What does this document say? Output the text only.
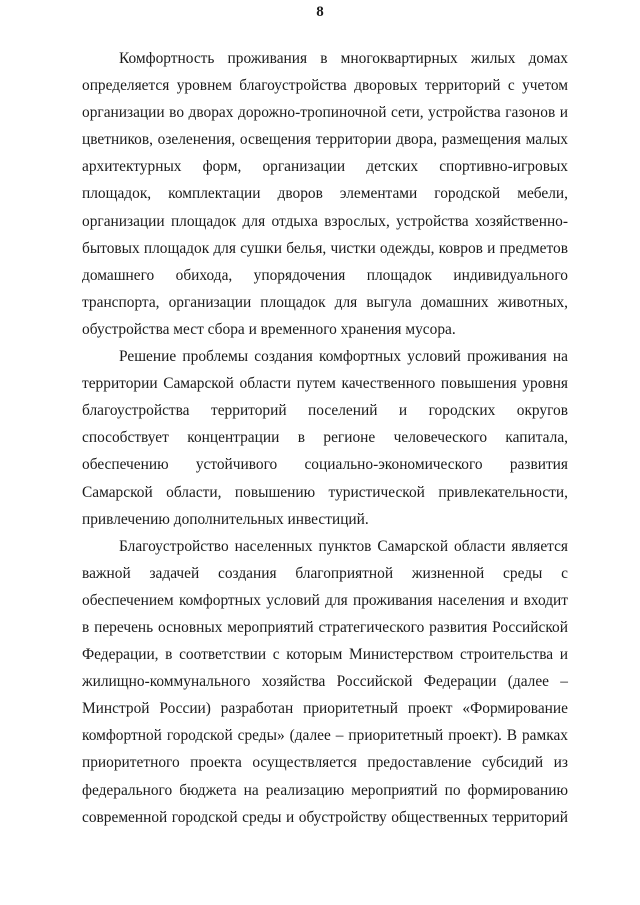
8

Комфортность проживания в многоквартирных жилых домах определяется уровнем благоустройства дворовых территорий с учетом организации во дворах дорожно-тропиночной сети, устройства газонов и цветников, озеленения, освещения территории двора, размещения малых архитектурных форм, организации детских спортивно-игровых площадок, комплектации дворов элементами городской мебели, организации площадок для отдыха взрослых, устройства хозяйственно-бытовых площадок для сушки белья, чистки одежды, ковров и предметов домашнего обихода, упорядочения площадок индивидуального транспорта, организации площадок для выгула домашних животных, обустройства мест сбора и временного хранения мусора.

Решение проблемы создания комфортных условий проживания на территории Самарской области путем качественного повышения уровня благоустройства территорий поселений и городских округов способствует концентрации в регионе человеческого капитала, обеспечению устойчивого социально-экономического развития Самарской области, повышению туристической привлекательности, привлечению дополнительных инвестиций.

Благоустройство населенных пунктов Самарской области является важной задачей создания благоприятной жизненной среды с обеспечением комфортных условий для проживания населения и входит в перечень основных мероприятий стратегического развития Российской Федерации, в соответствии с которым Министерством строительства и жилищно-коммунального хозяйства Российской Федерации (далее – Минстрой России) разработан приоритетный проект «Формирование комфортной городской среды» (далее – приоритетный проект). В рамках приоритетного проекта осуществляется предоставление субсидий из федерального бюджета на реализацию мероприятий по формированию современной городской среды и обустройству общественных территорий
